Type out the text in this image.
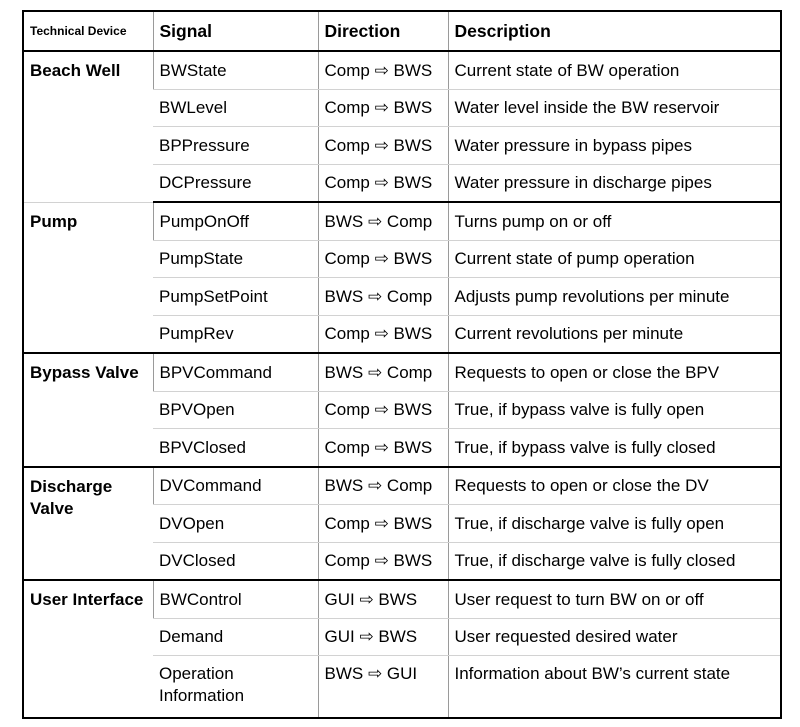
Technical Device	Signal	Direction	Description
Beach Well	BWState	Comp ⇨ BWS	Current state of BW operation
	BWLevel	Comp ⇨ BWS	Water level inside the BW reservoir
	BPPressure	Comp ⇨ BWS	Water pressure in bypass pipes
	DCPressure	Comp ⇨ BWS	Water pressure in discharge pipes
Pump	PumpOnOff	BWS ⇨ Comp	Turns pump on or off
	PumpState	Comp ⇨ BWS	Current state of pump operation
	PumpSetPoint	BWS ⇨ Comp	Adjusts pump revolutions per minute
	PumpRev	Comp ⇨ BWS	Current revolutions per minute
Bypass Valve	BPVCommand	BWS ⇨ Comp	Requests to open or close the BPV
	BPVOpen	Comp ⇨ BWS	True, if bypass valve is fully open
	BPVClosed	Comp ⇨ BWS	True, if bypass valve is fully closed
Discharge Valve	DVCommand	BWS ⇨ Comp	Requests to open or close the DV
	DVOpen	Comp ⇨ BWS	True, if discharge valve is fully open
	DVClosed	Comp ⇨ BWS	True, if discharge valve is fully closed
User Interface	BWControl	GUI ⇨ BWS	User request to turn BW on or off
	Demand	GUI ⇨ BWS	User requested desired water
	Operation Information	BWS ⇨ GUI	Information about BW’s current state
